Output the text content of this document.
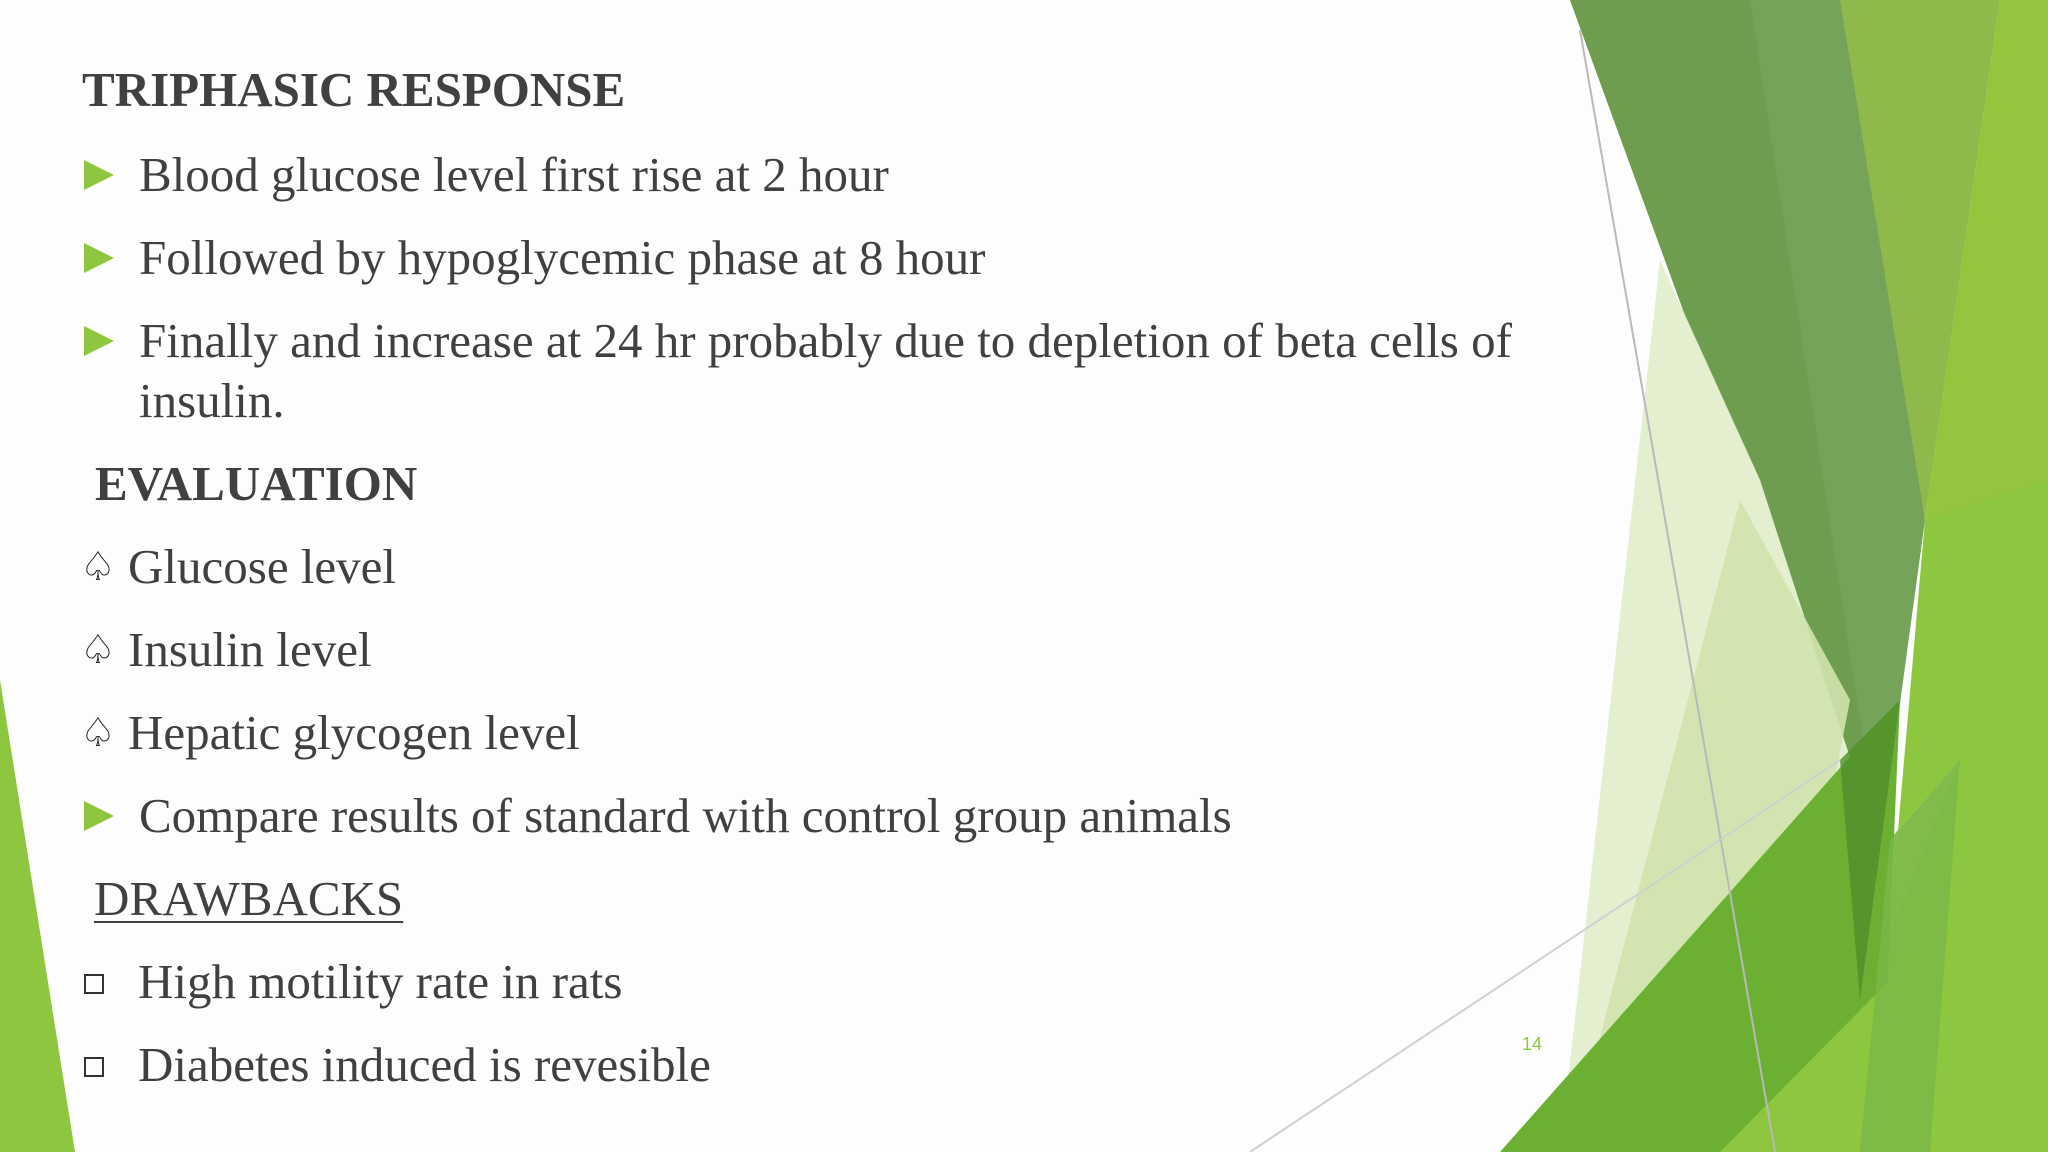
TRIPHASIC RESPONSE
Blood glucose level first rise at 2 hour
Followed by hypoglycemic phase at 8 hour
Finally and increase at 24 hr probably due to depletion of beta cells of
insulin.
EVALUATION
♤ Glucose level
♤ Insulin level
♤ Hepatic glycogen level
Compare results of standard with control group animals
DRAWBACKS
High motility rate in rats
Diabetes induced is revesible	14
